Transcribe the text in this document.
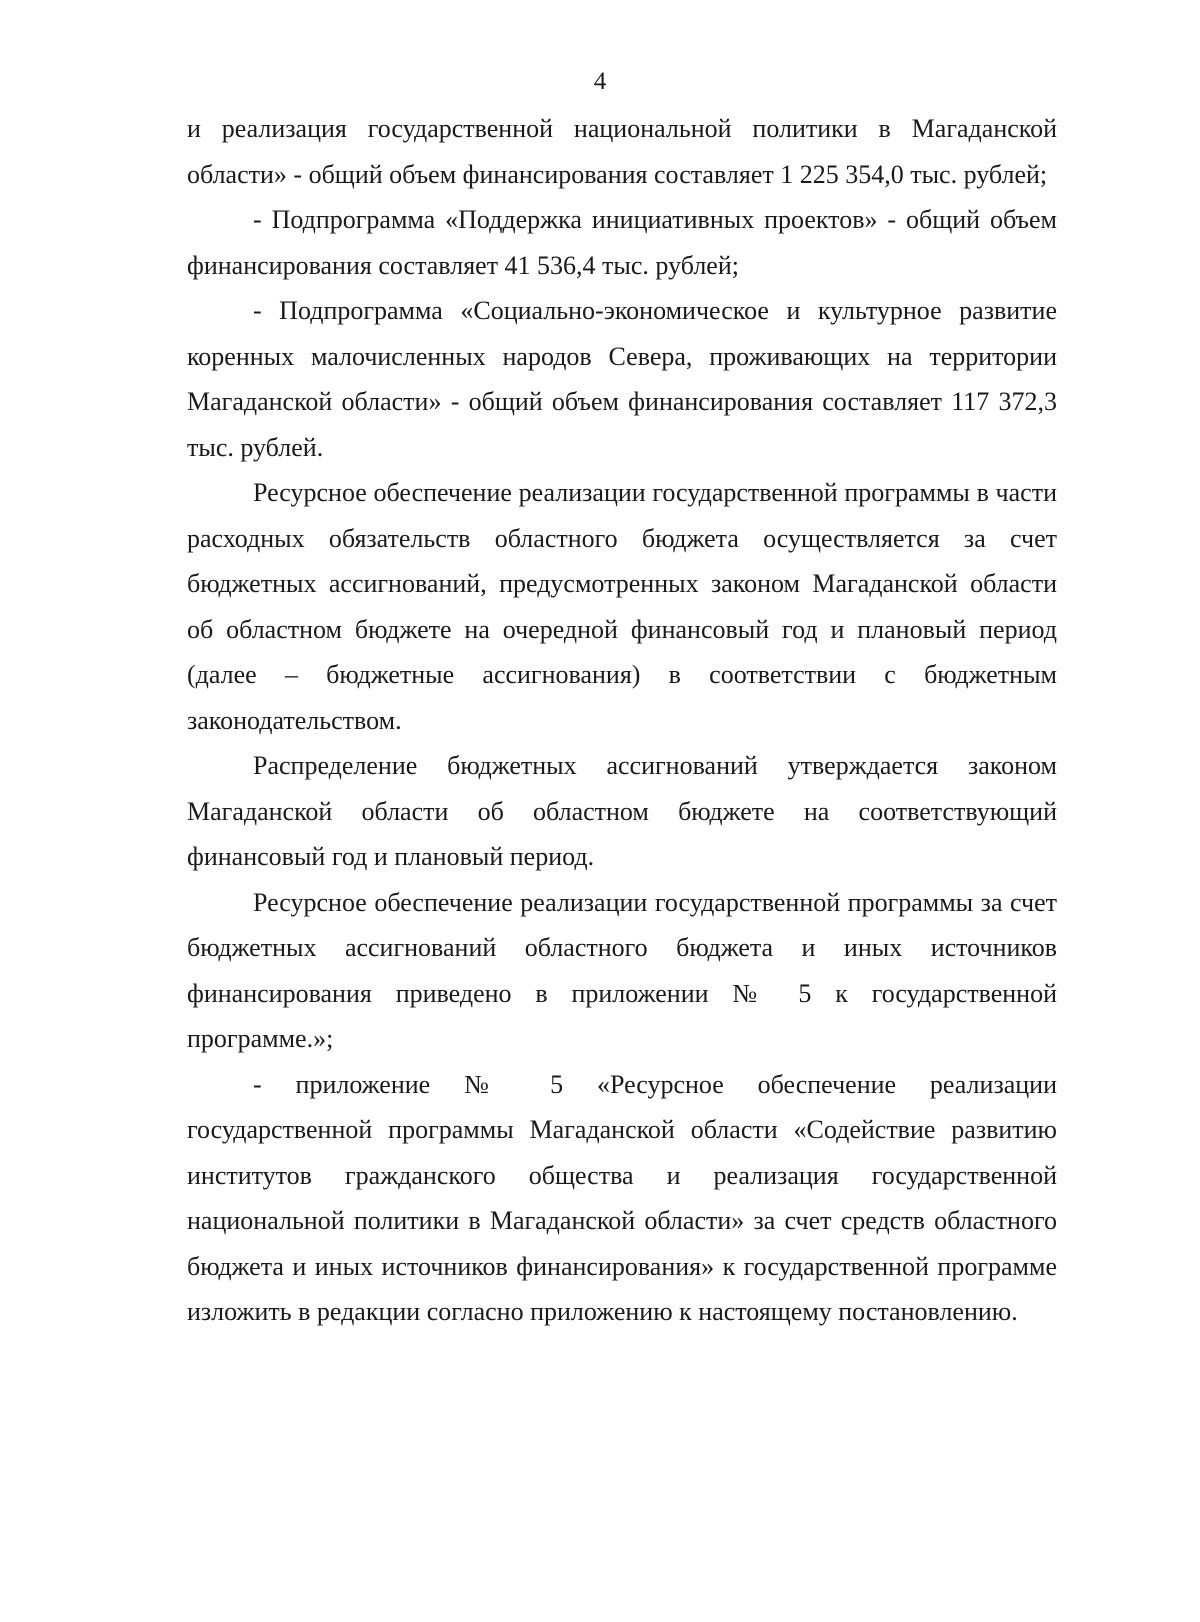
4

и реализация государственной национальной политики в Магаданской области» - общий объем финансирования составляет 1 225 354,0 тыс. рублей;

- Подпрограмма «Поддержка инициативных проектов» - общий объем финансирования составляет 41 536,4 тыс. рублей;

- Подпрограмма «Социально-экономическое и культурное развитие коренных малочисленных народов Севера, проживающих на территории Магаданской области» - общий объем финансирования составляет 117 372,3 тыс. рублей.

Ресурсное обеспечение реализации государственной программы в части расходных обязательств областного бюджета осуществляется за счет бюджетных ассигнований, предусмотренных законом Магаданской области об областном бюджете на очередной финансовый год и плановый период (далее – бюджетные ассигнования) в соответствии с бюджетным законодательством.

Распределение бюджетных ассигнований утверждается законом Магаданской области об областном бюджете на соответствующий финансовый год и плановый период.

Ресурсное обеспечение реализации государственной программы за счет бюджетных ассигнований областного бюджета и иных источников финансирования приведено в приложении № 5 к государственной программе.»;

- приложение № 5 «Ресурсное обеспечение реализации государственной программы Магаданской области «Содействие развитию институтов гражданского общества и реализация государственной национальной политики в Магаданской области» за счет средств областного бюджета и иных источников финансирования» к государственной программе изложить в редакции согласно приложению к настоящему постановлению.
